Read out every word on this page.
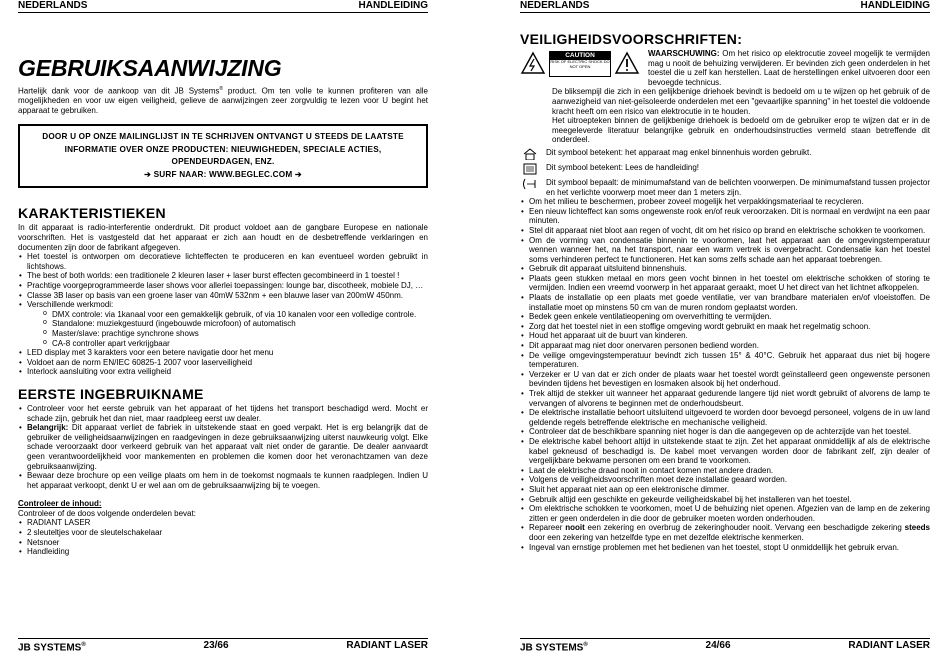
NEDERLANDS	HANDLEIDING
GEBRUIKSAANWIJZING
Hartelijk dank voor de aankoop van dit JB Systems® product. Om ten volle te kunnen profiteren van alle mogelijkheden en voor uw eigen veiligheid, gelieve de aanwijzingen zeer zorgvuldig te lezen voor U begint het apparaat te gebruiken.
DOOR U OP ONZE MAILINGLIJST IN TE SCHRIJVEN ONTVANGT U STEEDS DE LAATSTE INFORMATIE OVER ONZE PRODUCTEN: NIEUWIGHEDEN, SPECIALE ACTIES, OPENDEURDAGEN, ENZ.
➔ SURF NAAR: WWW.BEGLEC.COM ➔
KARAKTERISTIEKEN
In dit apparaat is radio-interferentie onderdrukt. Dit product voldoet aan de gangbare Europese en nationale voorschriften. Het is vastgesteld dat het apparaat er zich aan houdt en de desbetreffende verklaringen en documenten zijn door de fabrikant afgegeven.
• Het toestel is ontworpen om decoratieve lichteffecten te produceren en kan eventueel worden gebruikt in lichtshows.
• The best of both worlds: een traditionele 2 kleuren laser + laser burst effecten gecombineerd in 1 toestel !
• Prachtige voorgeprogrammeerde laser shows voor allerlei toepassingen: lounge bar, discotheek, mobiele DJ, …
• Classe 3B laser op basis van een groene laser van 40mW 532nm + een blauwe laser van 200mW 450nm.
• Verschillende werkmodi:
o DMX controle: via 1kanaal voor een gemakkelijk gebruik, of via 10 kanalen voor een volledige controle.
o Standalone: muziekgestuurd (ingebouwde microfoon) of automatisch
o Master/slave: prachtige synchrone shows
o CA-8 controller apart verkrijgbaar
• LED display met 3 karakters voor een betere navigatie door het menu
• Voldoet aan de norm EN/IEC 60825-1 2007 voor laserveiligheid
• Interlock aansluiting voor extra veiligheid
EERSTE INGEBRUIKNAME
• Controleer voor het eerste gebruik van het apparaat of het tijdens het transport beschadigd werd. Mocht er schade zijn, gebruik het dan niet, maar raadpleeg eerst uw dealer.
• Belangrijk: Dit apparaat verliet de fabriek in uitstekende staat en goed verpakt. Het is erg belangrijk dat de gebruiker de veiligheidsaanwijzingen en raadgevingen in deze gebruiksaanwijzing uiterst nauwkeurig volgt. Elke schade veroorzaakt door verkeerd gebruik van het apparaat valt niet onder de garantie. De dealer aanvaardt geen verantwoordelijkheid voor mankementen en problemen die komen door het veronachtzamen van deze gebruiksaanwijzing.
• Bewaar deze brochure op een veilige plaats om hem in de toekomst nogmaals te kunnen raadplegen. Indien U het apparaat verkoopt, denkt U er wel aan om de gebruiksaanwijzing bij te voegen.
Controleer de inhoud:
Controleer of de doos volgende onderdelen bevat:
• RADIANT LASER
• 2 sleuteltjes voor de sleutelschakelaar
• Netsnoer
• Handleiding
JB SYSTEMS®	23/66	RADIANT LASER
NEDERLANDS	HANDLEIDING
VEILIGHEIDSVOORSCHRIFTEN:
CAUTION
RISK OF ELECTRIC SHOCK DO NOT OPEN
WAARSCHUWING: Om het risico op elektrocutie zoveel mogelijk te vermijden mag u nooit de behuizing verwijderen. Er bevinden zich geen onderdelen in het toestel die u zelf kan herstellen. Laat de herstellingen enkel uitvoeren door een bevoegde technicus.
De bliksempijl die zich in een gelijkbenige driehoek bevindt is bedoeld om u te wijzen op het gebruik of de aanwezigheid van niet-geïsoleerde onderdelen met een "gevaarlijke spanning" in het toestel die voldoende kracht heeft om een risico van elektrocutie in te houden.
Het uitroepteken binnen de gelijkbenige driehoek is bedoeld om de gebruiker erop te wijzen dat er in de meegeleverde literatuur belangrijke gebruik en onderhoudsinstructies vermeld staan betreffende dit onderdeel.
Dit symbool betekent: het apparaat mag enkel binnenhuis worden gebruikt.
Dit symbool betekent: Lees de handleiding!
Dit symbool bepaalt: de minimumafstand van de belichten voorwerpen. De minimumafstand tussen projector en het verlichte voorwerp moet meer dan 1 meters zijn.
• Om het milieu te beschermen, probeer zoveel mogelijk het verpakkingsmateriaal te recycleren.
• Een nieuw lichteffect kan soms ongewenste rook en/of reuk veroorzaken. Dit is normaal en verdwijnt na een paar minuten.
• Stel dit apparaat niet bloot aan regen of vocht, dit om het risico op brand en elektrische schokken te voorkomen.
• Om de vorming van condensatie binnenin te voorkomen, laat het apparaat aan de omgevingstemperatuur wennen wanneer het, na het transport, naar een warm vertrek is overgebracht. Condensatie kan het toestel soms verhinderen perfect te functioneren. Het kan soms zelfs schade aan het apparaat toebrengen.
• Gebruik dit apparaat uitsluitend binnenshuis.
• Plaats geen stukken metaal en mors geen vocht binnen in het toestel om elektrische schokken of storing te vermijden. Indien een vreemd voorwerp in het apparaat geraakt, moet U het direct van het lichtnet afkoppelen.
• Plaats de installatie op een plaats met goede ventilatie, ver van brandbare materialen en/of vloeistoffen. De installatie moet op minstens 50 cm van de muren rondom geplaatst worden.
• Bedek geen enkele ventilatieopening om oververhitting te vermijden.
• Zorg dat het toestel niet in een stoffige omgeving wordt gebruikt en maak het regelmatig schoon.
• Houd het apparaat uit de buurt van kinderen.
• Dit apparaat mag niet door onervaren personen bediend worden.
• De veilige omgevingstemperatuur bevindt zich tussen 15° & 40°C. Gebruik het apparaat dus niet bij hogere temperaturen.
• Verzeker er U van dat er zich onder de plaats waar het toestel wordt geïnstalleerd geen ongewenste personen bevinden tijdens het bevestigen en losmaken alsook bij het onderhoud.
• Trek altijd de stekker uit wanneer het apparaat gedurende langere tijd niet wordt gebruikt of alvorens de lamp te vervangen of alvorens te beginnen met de onderhoudsbeurt.
• De elektrische installatie behoort uitsluitend uitgevoerd te worden door bevoegd personeel, volgens de in uw land geldende regels betreffende elektrische en mechanische veiligheid.
• Controleer dat de beschikbare spanning niet hoger is dan die aangegeven op de achterzijde van het toestel.
• De elektrische kabel behoort altijd in uitstekende staat te zijn. Zet het apparaat onmiddellijk af als de elektrische kabel gekneusd of beschadigd is. De kabel moet vervangen worden door de fabrikant zelf, zijn dealer of vergelijkbare bekwame personen om een brand te voorkomen.
• Laat de elektrische draad nooit in contact komen met andere draden.
• Volgens de veiligheidsvoorschriften moet deze installatie geaard worden.
• Sluit het apparaat niet aan op een elektronische dimmer.
• Gebruik altijd een geschikte en gekeurde veiligheidskabel bij het installeren van het toestel.
• Om elektrische schokken te voorkomen, moet U de behuizing niet openen. Afgezien van de lamp en de zekering zitten er geen onderdelen in die door de gebruiker moeten worden onderhouden.
• Repareer nooit een zekering en overbrug de zekeringhouder nooit. Vervang een beschadigde zekering steeds door een zekering van hetzelfde type en met dezelfde elektrische kenmerken.
• Ingeval van ernstige problemen met het bedienen van het toestel, stopt U onmiddellijk het gebruik ervan.
JB SYSTEMS®	24/66	RADIANT LASER
